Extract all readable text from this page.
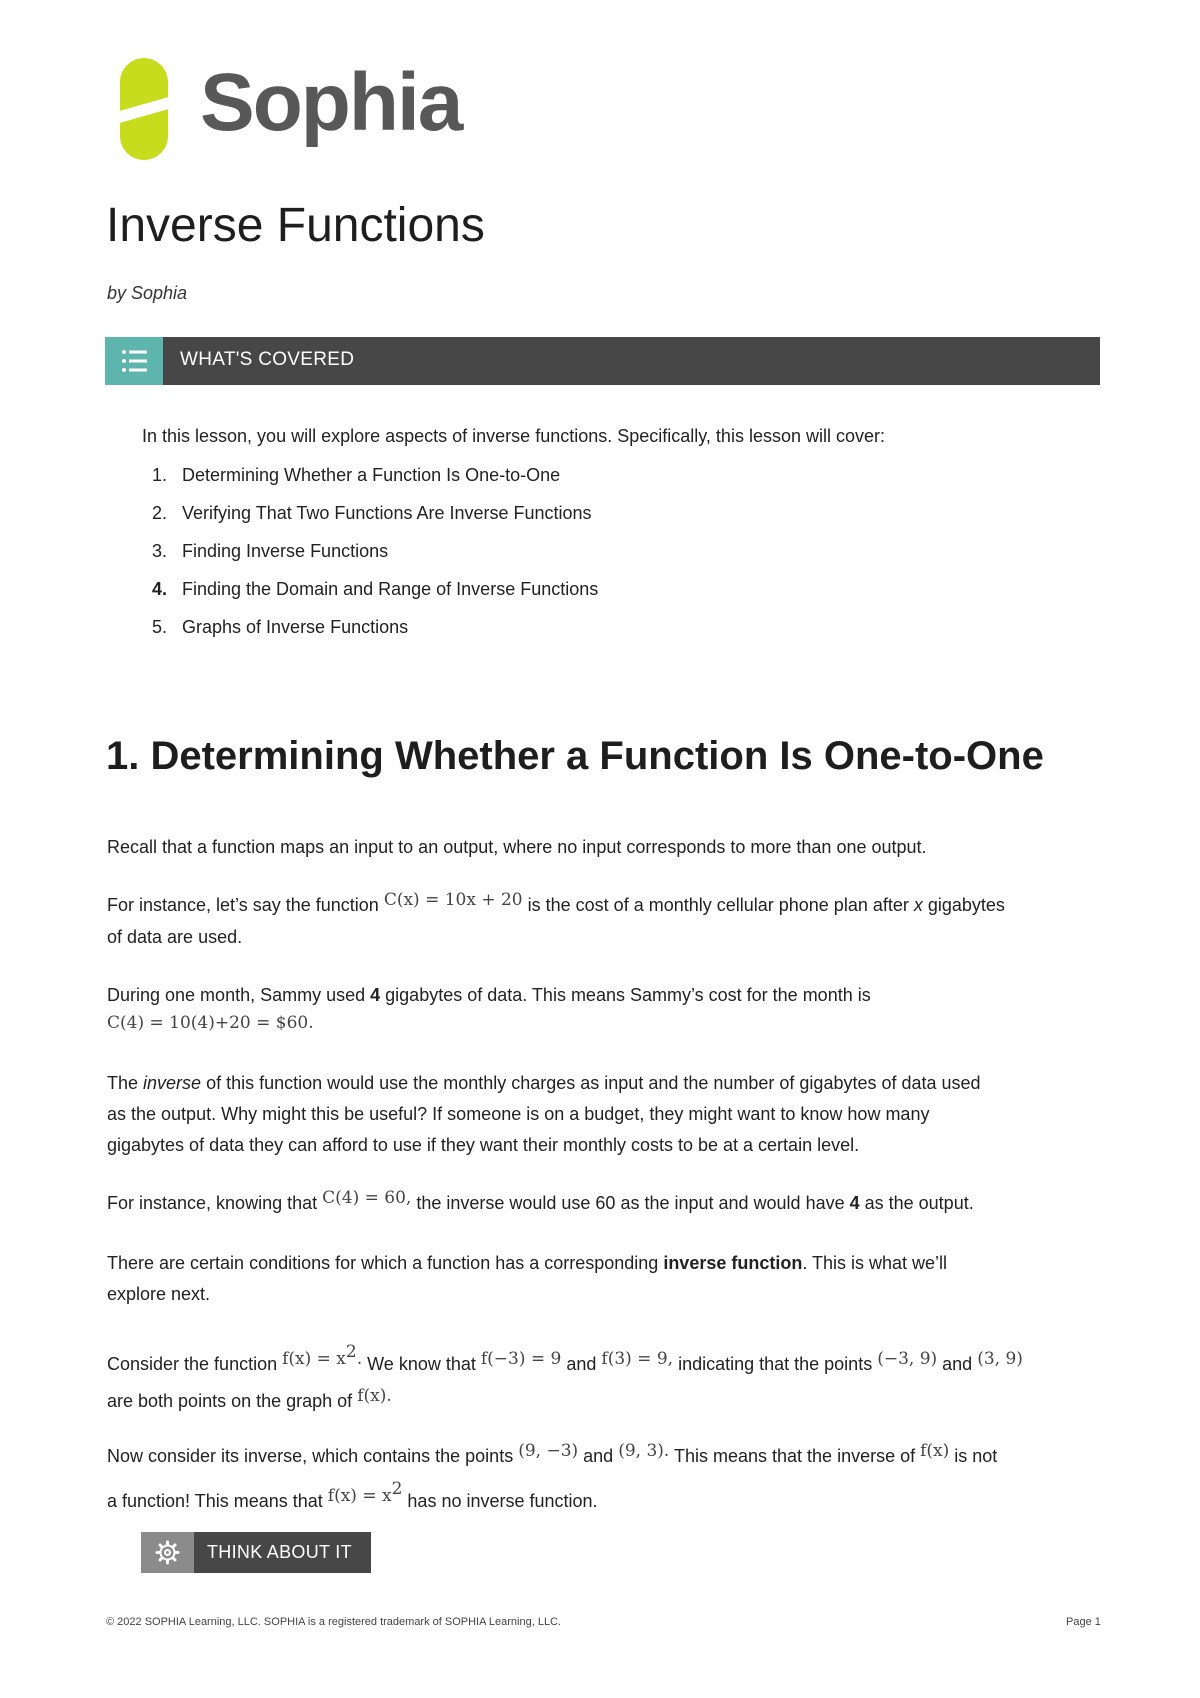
Sophia
Inverse Functions
by Sophia
WHAT'S COVERED
In this lesson, you will explore aspects of inverse functions. Specifically, this lesson will cover:
1. Determining Whether a Function Is One-to-One
2. Verifying That Two Functions Are Inverse Functions
3. Finding Inverse Functions
4. Finding the Domain and Range of Inverse Functions
5. Graphs of Inverse Functions
1. Determining Whether a Function Is One-to-One
Recall that a function maps an input to an output, where no input corresponds to more than one output.
For instance, let’s say the function C(x) = 10x + 20 is the cost of a monthly cellular phone plan after x gigabytes
of data are used.
During one month, Sammy used 4 gigabytes of data. This means Sammy’s cost for the month is
C(4) = 10(4)+20 = $60.
The inverse of this function would use the monthly charges as input and the number of gigabytes of data used
as the output. Why might this be useful? If someone is on a budget, they might want to know how many
gigabytes of data they can afford to use if they want their monthly costs to be at a certain level.
For instance, knowing that C(4) = 60, the inverse would use 60 as the input and would have 4 as the output.
There are certain conditions for which a function has a corresponding inverse function. This is what we’ll
explore next.
Consider the function $f(x) = x^2$. We know that f(−3) = 9 and f(3) = 9, indicating that the points (−3, 9) and (3, 9)
are both points on the graph of f(x).
Now consider its inverse, which contains the points (9, −3) and (9, 3). This means that the inverse of f(x) is not
a function! This means that $f(x) = x^2$ has no inverse function.
THINK ABOUT IT
© 2022 SOPHIA Learning, LLC. SOPHIA is a registered trademark of SOPHIA Learning, LLC.	Page 1
